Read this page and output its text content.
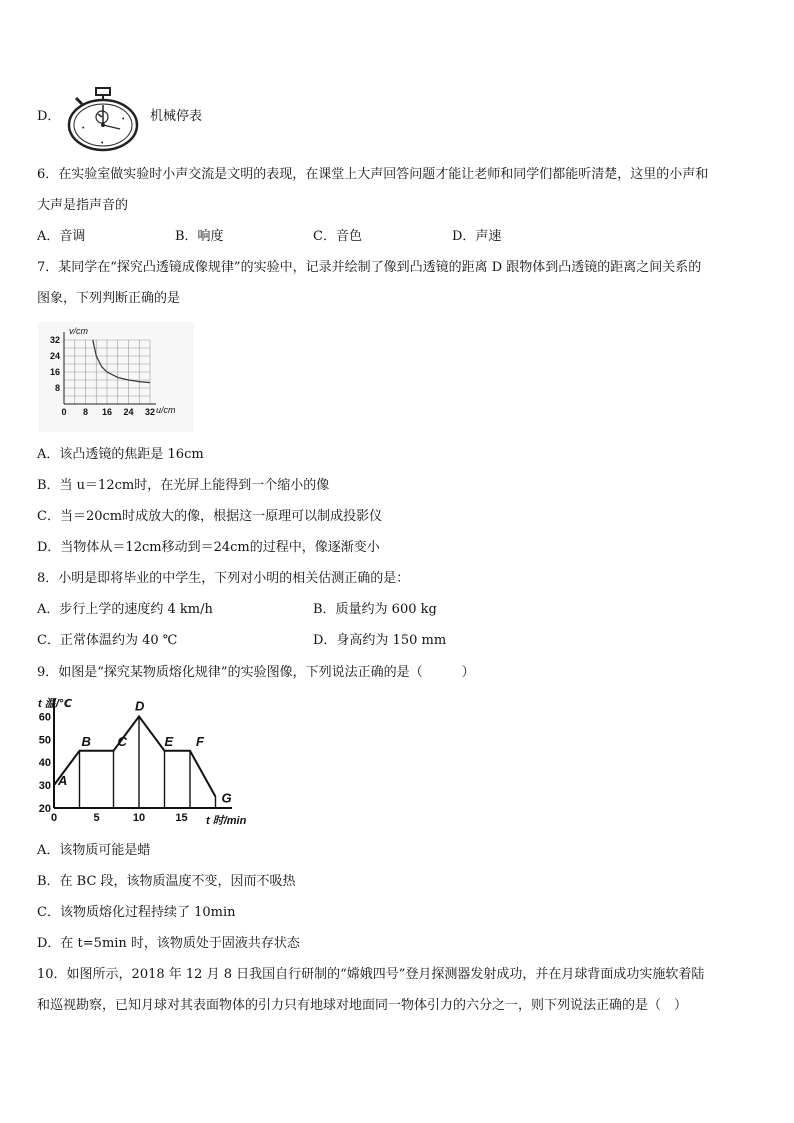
D．
•
•
•
机械停表
6．在实验室做实验时小声交流是文明的表现，在课堂上大声回答问题才能让老师和同学们都能听清楚，这里的小声和
大声是指声音的
A．音调	B．响度	C．音色	D．声速
7．某同学在“探究凸透镜成像规律”的实验中，记录并绘制了像到凸透镜的距离 D 跟物体到凸透镜的距离之间关系的
图象，下列判断正确的是
0 8 16 24 32
8
16
24
32
v/cm
u/cm
A．该凸透镜的焦距是 16cm
B．当 u＝12cm时，在光屏上能得到一个缩小的像
C．当＝20cm时成放大的像，根据这一原理可以制成投影仪
D．当物体从＝12cm移动到＝24cm的过程中，像逐渐变小
8．小明是即将毕业的中学生，下列对小明的相关估测正确的是：
A．步行上学的速度约 4 km/h	B．质量约为 600 kg
C．正常体温约为 40 ℃	D．身高约为 150 mm
9．如图是“探究某物质熔化规律”的实验图像，下列说法正确的是（　　　）
0	5	10	15
20
30
40
50
60
A
B C
D
E F
G
t 温/℃
t 时/min
A．该物质可能是蜡
B．在 BC 段，该物质温度不变，因而不吸热
C．该物质熔化过程持续了 10min
D．在 t=5min 时，该物质处于固液共存状态
10．如图所示，2018 年 12 月 8 日我国自行研制的“嫦娥四号”登月探测器发射成功，并在月球背面成功实施软着陆
和巡视勘察，已知月球对其表面物体的引力只有地球对地面同一物体引力的六分之一，则下列说法正确的是（　）
